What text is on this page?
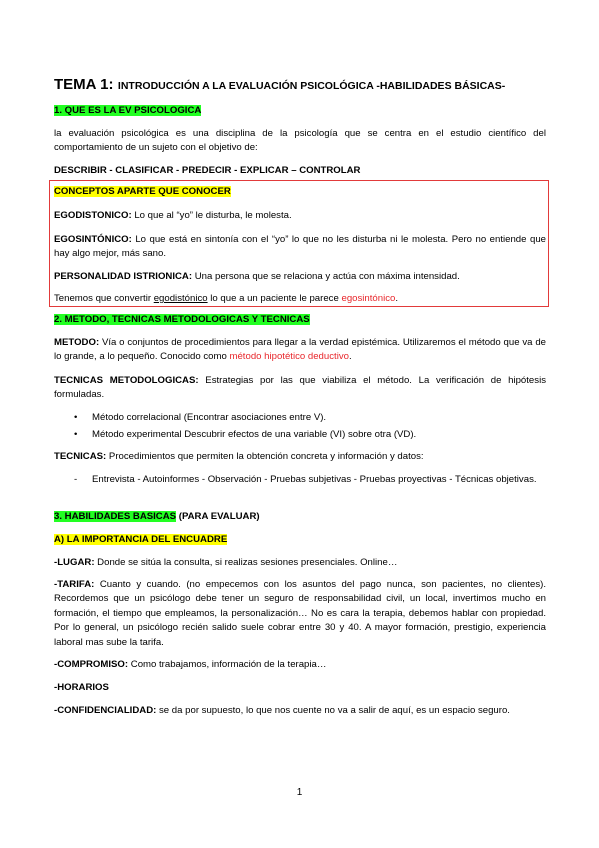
TEMA 1: INTRODUCCIÓN A LA EVALUACIÓN PSICOLÓGICA -HABILIDADES BÁSICAS-

1. QUE ES LA EV PSICOLOGICA

la evaluación psicológica es una disciplina de la psicología que se centra en el estudio científico del comportamiento de un sujeto con el objetivo de:

DESCRIBIR - CLASIFICAR - PREDECIR - EXPLICAR – CONTROLAR

CONCEPTOS APARTE QUE CONOCER

EGODISTONICO: Lo que al “yo” le disturba, le molesta.

EGOSINTÓNICO: Lo que está en sintonía con el “yo” lo que no les disturba ni le molesta. Pero no entiende que hay algo mejor, más sano.

PERSONALIDAD ISTRIONICA: Una persona que se relaciona y actúa con máxima intensidad.

Tenemos que convertir egodistónico lo que a un paciente le parece egosintónico.

2. METODO, TECNICAS METODOLOGICAS Y TECNICAS

METODO: Vía o conjuntos de procedimientos para llegar a la verdad epistémica. Utilizaremos el método que va de lo grande, a lo pequeño. Conocido como método hipotético deductivo.

TECNICAS METODOLOGICAS: Estrategias por las que viabiliza el método. La verificación de hipótesis formuladas.

• Método correlacional (Encontrar asociaciones entre V).
• Método experimental Descubrir efectos de una variable (VI) sobre otra (VD).

TECNICAS: Procedimientos que permiten la obtención concreta y información y datos:

- Entrevista - Autoinformes - Observación - Pruebas subjetivas - Pruebas proyectivas - Técnicas objetivas.

3. HABILIDADES BASICAS (PARA EVALUAR)

A) LA IMPORTANCIA DEL ENCUADRE

-LUGAR: Donde se sitúa la consulta, si realizas sesiones presenciales. Online…

-TARIFA: Cuanto y cuando. (no empecemos con los asuntos del pago nunca, son pacientes, no clientes). Recordemos que un psicólogo debe tener un seguro de responsabilidad civil, un local, invertimos mucho en formación, el tiempo que empleamos, la personalización… No es cara la terapia, debemos hablar con propiedad. Por lo general, un psicólogo recién salido suele cobrar entre 30 y 40. A mayor formación, prestigio, experiencia laboral mas sube la tarifa.

-COMPROMISO: Como trabajamos, información de la terapia…

-HORARIOS

-CONFIDENCIALIDAD: se da por supuesto, lo que nos cuente no va a salir de aquí, es un espacio seguro.

1
